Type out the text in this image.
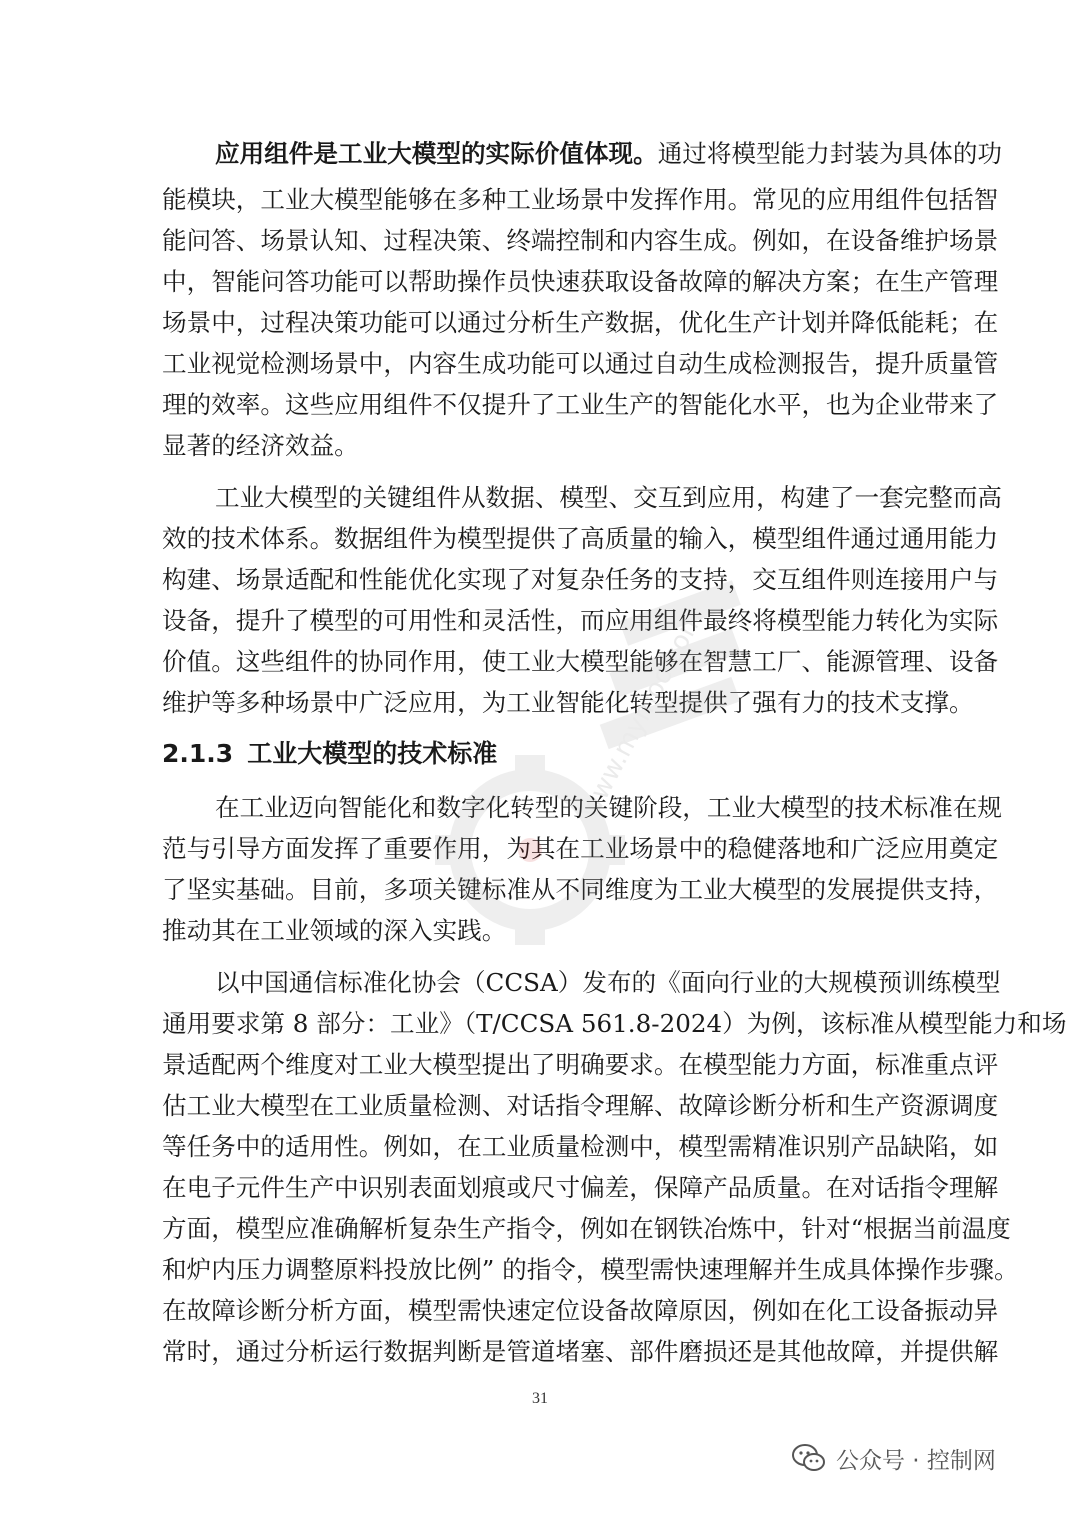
应用组件是工业大模型的实际价值体现。通过将模型能力封装为具体的功
能模块，工业大模型能够在多种工业场景中发挥作用。常见的应用组件包括智
能问答、场景认知、过程决策、终端控制和内容生成。例如，在设备维护场景
中，智能问答功能可以帮助操作员快速获取设备故障的解决方案；在生产管理
场景中，过程决策功能可以通过分析生产数据，优化生产计划并降低能耗；在
工业视觉检测场景中，内容生成功能可以通过自动生成检测报告，提升质量管
理的效率。这些应用组件不仅提升了工业生产的智能化水平，也为企业带来了
显著的经济效益。
工业大模型的关键组件从数据、模型、交互到应用，构建了一套完整而高
效的技术体系。数据组件为模型提供了高质量的输入，模型组件通过通用能力
构建、场景适配和性能优化实现了对复杂任务的支持，交互组件则连接用户与
设备，提升了模型的可用性和灵活性，而应用组件最终将模型能力转化为实际
价值。这些组件的协同作用，使工业大模型能够在智慧工厂、能源管理、设备
维护等多种场景中广泛应用，为工业智能化转型提供了强有力的技术支撑。
2.1.3 工业大模型的技术标准
在工业迈向智能化和数字化转型的关键阶段，工业大模型的技术标准在规
范与引导方面发挥了重要作用，为其在工业场景中的稳健落地和广泛应用奠定
了坚实基础。目前，多项关键标准从不同维度为工业大模型的发展提供支持，
推动其在工业领域的深入实践。
以中国通信标准化协会（CCSA）发布的《面向行业的大规模预训练模型
通用要求第 8 部分：工业》（T/CCSA 561.8-2024）为例，该标准从模型能力和场
景适配两个维度对工业大模型提出了明确要求。在模型能力方面，标准重点评
估工业大模型在工业质量检测、对话指令理解、故障诊断分析和生产资源调度
等任务中的适用性。例如，在工业质量检测中，模型需精准识别产品缺陷，如
在电子元件生产中识别表面划痕或尺寸偏差，保障产品质量。在对话指令理解
方面，模型应准确解析复杂生产指令，例如在钢铁冶炼中，针对“根据当前温度
和炉内压力调整原料投放比例” 的指令，模型需快速理解并生成具体操作步骤。
在故障诊断分析方面，模型需快速定位设备故障原因，例如在化工设备振动异
常时，通过分析运行数据判断是管道堵塞、部件磨损还是其他故障，并提供解
31
www.mymoo.com
公众号 · 控制网
